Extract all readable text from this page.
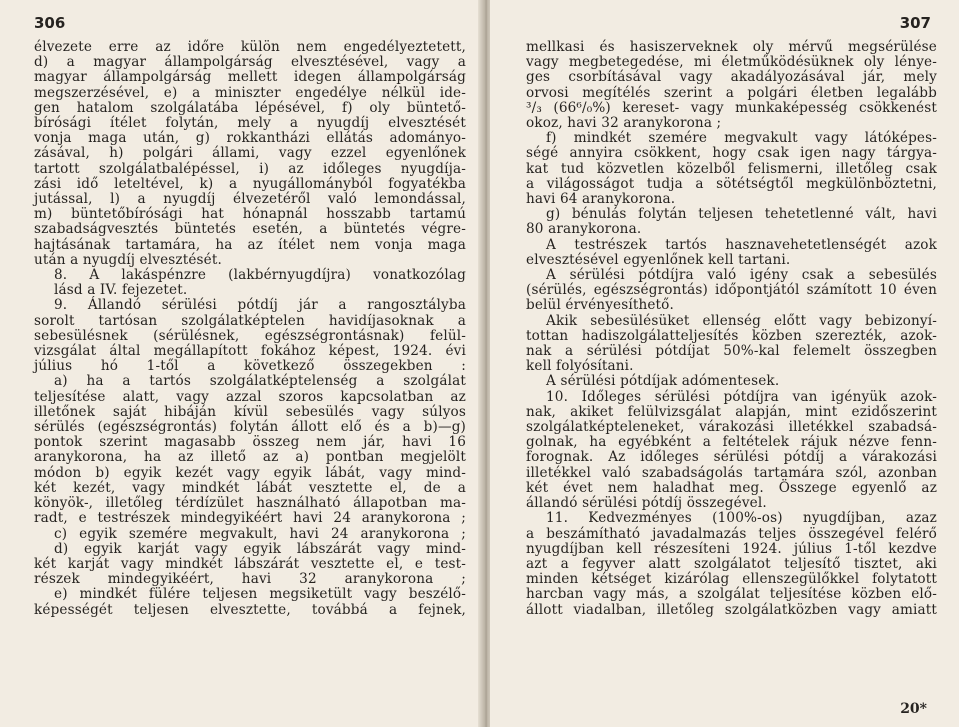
306
élvezete erre az időre külön nem engedélyeztetett,
d) a magyar állampolgárság elvesztésével, vagy a
magyar állampolgárság mellett idegen állampolgárság
megszerzésével, e) a miniszter engedélye nélkül ide-
gen hatalom szolgálatába lépésével, f) oly büntető-
bírósági ítélet folytán, mely a nyugdíj elvesztését
vonja maga után, g) rokkantházi ellátás adományo-
zásával, h) polgári állami, vagy ezzel egyenlőnek
tartott szolgálatbalépéssel, i) az időleges nyugdíja-
zási idő leteltével, k) a nyugállományból fogyatékba
jutással, l) a nyugdíj élvezetéről való lemondással,
m) büntetőbírósági hat hónapnál hosszabb tartamú
szabadságvesztés büntetés esetén, a büntetés végre-
hajtásának tartamára, ha az ítélet nem vonja maga
után a nyugdíj elvesztését.
8. A lakáspénzre (lakbérnyugdíjra) vonatkozólag
lásd a IV. fejezetet.
9. Állandó sérülési pótdíj jár a rangosztályba
sorolt tartósan szolgálatképtelen havidíjasoknak a
sebesülésnek (sérülésnek, egészségrontásnak) felül-
vizsgálat által megállapított fokához képest, 1924. évi
július hó 1-től a következő összegekben :
a) ha a tartós szolgálatképtelenség a szolgálat
teljesítése alatt, vagy azzal szoros kapcsolatban az
illetőnek saját hibáján kívül sebesülés vagy súlyos
sérülés (egészségrontás) folytán állott elő és a b)—g)
pontok szerint magasabb összeg nem jár, havi 16
aranykorona, ha az illető az a) pontban megjelölt
módon b) egyik kezét vagy egyik lábát, vagy mind-
két kezét, vagy mindkét lábát vesztette el, de a
könyök-, illetőleg térdízület használható állapotban ma-
radt, e testrészek mindegyikéért havi 24 aranykorona ;
c) egyik szemére megvakult, havi 24 aranykorona ;
d) egyik karját vagy egyik lábszárát vagy mind-
két karját vagy mindkét lábszárát vesztette el, e test-
részek mindegyikéért, havi 32 aranykorona ;
e) mindkét fülére teljesen megsiketült vagy beszélő-
képességét teljesen elvesztette, továbbá a fejnek,
307
mellkasi és hasiszerveknek oly mérvű megsérülése
vagy megbetegedése, mi életműködésüknek oly lénye-
ges csorbításával vagy akadályozásával jár, mely
orvosi megítélés szerint a polgári életben legalább
³/₃ (66⁶/₀%) kereset- vagy munkaképesség csökkenést
okoz, havi 32 aranykorona ;
f) mindkét szemére megvakult vagy látóképes-
ségé annyira csökkent, hogy csak igen nagy tárgya-
kat tud közvetlen közelből felismerni, illetőleg csak
a világosságot tudja a sötétségtől megkülönböztetni,
havi 64 aranykorona.
g) bénulás folytán teljesen tehetetlenné vált, havi
80 aranykorona.
A testrészek tartós hasznavehetetlenségét azok
elvesztésével egyenlőnek kell tartani.
A sérülési pótdíjra való igény csak a sebesülés
(sérülés, egészségrontás) időpontjától számított 10 éven
belül érvényesíthető.
Akik sebesülésüket ellenség előtt vagy bebizonyí-
tottan hadiszolgálatteljesítés közben szerezték, azok-
nak a sérülési pótdíjat 50%-kal felemelt összegben
kell folyósítani.
A sérülési pótdíjak adómentesek.
10. Időleges sérülési pótdíjra van igényük azok-
nak, akiket felülvizsgálat alapján, mint ezidőszerint
szolgálatképteleneket, várakozási illetékkel szabadsá-
golnak, ha egyébként a feltételek rájuk nézve fenn-
forognak. Az időleges sérülési pótdíj a várakozási
illetékkel való szabadságolás tartamára szól, azonban
két évet nem haladhat meg. Összege egyenlő az
állandó sérülési pótdíj összegével.
11. Kedvezményes (100%-os) nyugdíjban, azaz
a beszámítható javadalmazás teljes összegével felérő
nyugdíjban kell részesíteni 1924. július 1-től kezdve
azt a fegyver alatt szolgálatot teljesítő tisztet, aki
minden kétséget kizárólag ellenszegülőkkel folytatott
harcban vagy más, a szolgálat teljesítése közben elő-
állott viadalban, illetőleg szolgálatközben vagy amiatt
20*
